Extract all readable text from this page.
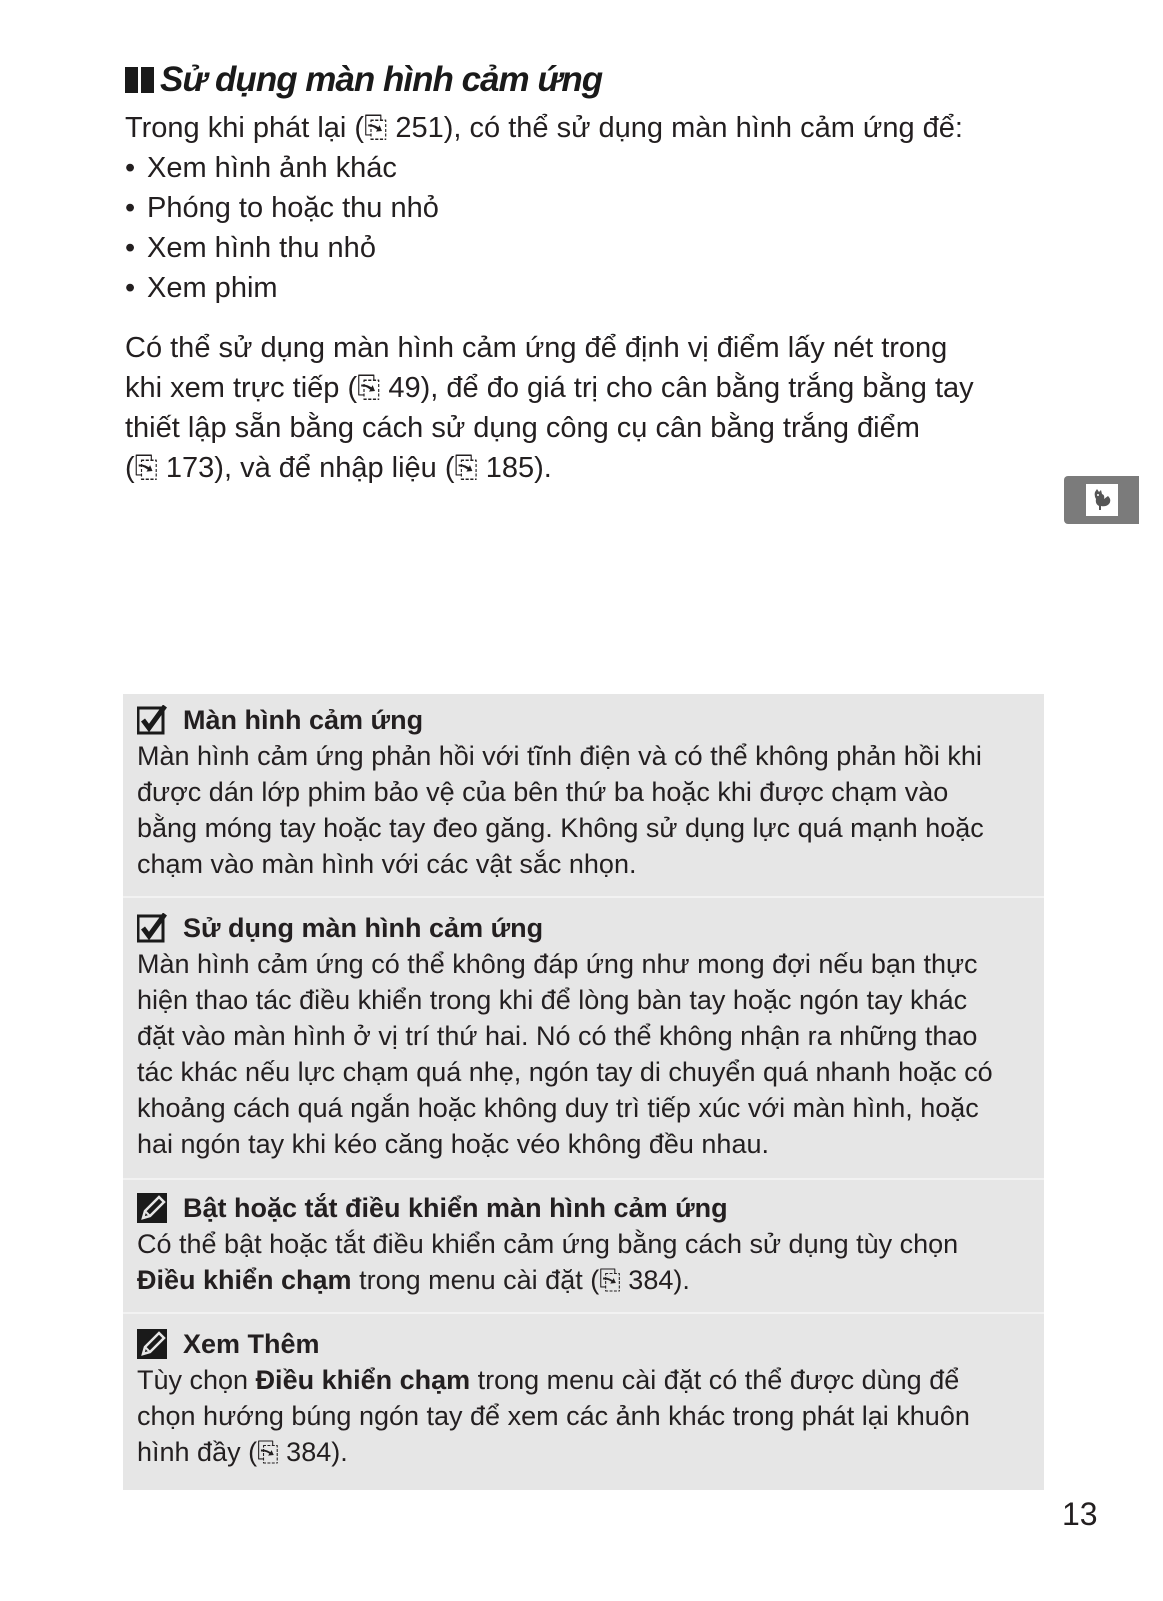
Sử dụng màn hình cảm ứng

Trong khi phát lại (⎘ 251), có thể sử dụng màn hình cảm ứng để:

• Xem hình ảnh khác
• Phóng to hoặc thu nhỏ
• Xem hình thu nhỏ
• Xem phim
Có thể sử dụng màn hình cảm ứng để định vị điểm lấy nét trong
khi xem trực tiếp (⎘ 49), để đo giá trị cho cân bằng trắng bằng tay
thiết lập sẵn bằng cách sử dụng công cụ cân bằng trắng điểm
(⎘ 173), và để nhập liệu (⎘ 185).
Màn hình cảm ứng
Màn hình cảm ứng phản hồi với tĩnh điện và có thể không phản hồi khi
được dán lớp phim bảo vệ của bên thứ ba hoặc khi được chạm vào
bằng móng tay hoặc tay đeo găng. Không sử dụng lực quá mạnh hoặc
chạm vào màn hình với các vật sắc nhọn.
Sử dụng màn hình cảm ứng
Màn hình cảm ứng có thể không đáp ứng như mong đợi nếu bạn thực
hiện thao tác điều khiển trong khi để lòng bàn tay hoặc ngón tay khác
đặt vào màn hình ở vị trí thứ hai. Nó có thể không nhận ra những thao
tác khác nếu lực chạm quá nhẹ, ngón tay di chuyển quá nhanh hoặc có
khoảng cách quá ngắn hoặc không duy trì tiếp xúc với màn hình, hoặc
hai ngón tay khi kéo căng hoặc véo không đều nhau.
Bật hoặc tắt điều khiển màn hình cảm ứng
Có thể bật hoặc tắt điều khiển cảm ứng bằng cách sử dụng tùy chọn
Điều khiển chạm trong menu cài đặt (⎘ 384).
Xem Thêm
Tùy chọn Điều khiển chạm trong menu cài đặt có thể được dùng để
chọn hướng búng ngón tay để xem các ảnh khác trong phát lại khuôn
hình đầy (⎘ 384).
13
